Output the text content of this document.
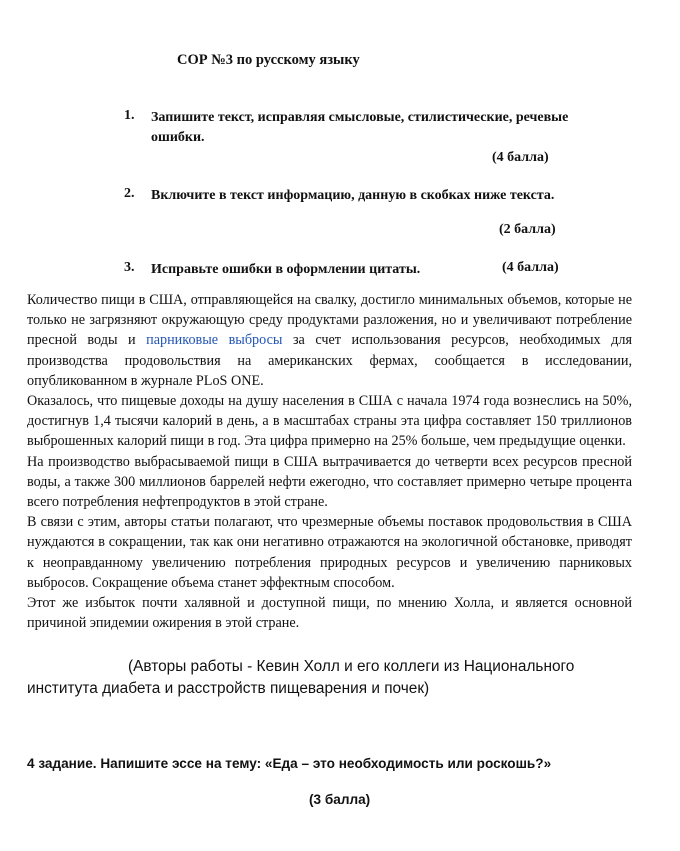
СОР №3 по русскому языку
1. Запишите текст, исправляя смысловые, стилистические, речевые ошибки.
(4 балла)
2. Включите в текст информацию, данную в скобках ниже текста.
(2 балла)
3. Исправьте ошибки в оформлении цитаты.	(4 балла)

Количество пищи в США, отправляющейся на свалку, достигло минимальных объемов, которые не только не загрязняют окружающую среду продуктами разложения, но и увеличивают потребление пресной воды и парниковые выбросы за счет использования ресурсов, необходимых для производства продовольствия на американских фермах, сообщается в исследовании, опубликованном в журнале PLoS ONE.

Оказалось, что пищевые доходы на душу населения в США с начала 1974 года вознеслись на 50%, достигнув 1,4 тысячи калорий в день, а в масштабах страны эта цифра составляет 150 триллионов выброшенных калорий пищи в год. Эта цифра примерно на 25% больше, чем предыдущие оценки.

На производство выбрасываемой пищи в США вытрачивается до четверти всех ресурсов пресной воды, а также 300 миллионов баррелей нефти ежегодно, что составляет примерно четыре процента всего потребления нефтепродуктов в этой стране.

В связи с этим, авторы статьи полагают, что чрезмерные объемы поставок продовольствия в США нуждаются в сокращении, так как они негативно отражаются на экологичной обстановке, приводят к неоправданному увеличению потребления природных ресурсов и увеличению парниковых выбросов. Сокращение объема станет эффектным способом.

Этот же избыток почти халявной и доступной пищи, по мнению Холла, и является основной причиной эпидемии ожирения в этой стране.

(Авторы работы - Кевин Холл и его коллеги из Национального
института диабета и расстройств пищеварения и почек)
4 задание. Напишите эссе на тему: «Еда – это необходимость или роскошь?»
(3 балла)
